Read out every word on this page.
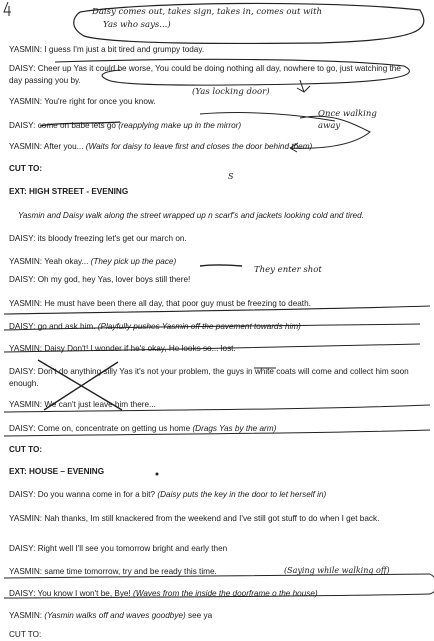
Daisy comes out, takes sign, takes in, comes out with
Yas who says...)
YASMIN: I guess I'm just a bit tired and grumpy today.
DAISY: Cheer up Yas it could be worse, You could be doing nothing all day, nowhere to go, just watching the day passing you by.
(Yas locking door)
YASMIN: You're right for once you know.
DAISY: come on babe lets go (reapplying make up in the mirror)
Once walking away
YASMIN: After you... (Waits for daisy to leave first and closes the door behind them)
CUT TO:
EXT: HIGH STREET - EVENING
S
Yasmin and Daisy walk along the street wrapped up n scarf's and jackets looking cold and tired.
DAISY: its bloody freezing let's get our march on.
YASMIN: Yeah okay... (They pick up the pace)
DAISY: Oh my god, hey Yas, lover boys still there!
They enter shot
YASMIN: He must have been there all day, that poor guy must be freezing to death.
DAISY: go and ask him. (Playfully pushes Yasmin off the pavement towards him)
YASMIN: Daisy Don't! I wonder if he's okay, He looks so... lost.
DAISY: Don't do anything silly Yas it's not your problem, the guys in white coats will come and collect him soon enough.
YASMIN: We can't just leave him there...
DAISY: Come on, concentrate on getting us home (Drags Yas by the arm)
CUT TO:
EXT: HOUSE – EVENING
DAISY: Do you wanna come in for a bit? (Daisy puts the key in the door to let herself in)
YASMIN: Nah thanks, Im still knackered from the weekend and I've still got stuff to do when I get back.
DAISY: Right well I'll see you tomorrow bright and early then
YASMIN: same time tomorrow, try and be ready this time.	(Saying while walking off)
DAISY: You know I won't be, Bye! (Waves from the inside the doorframe o the house)
YASMIN: (Yasmin walks off and waves goodbye) see ya
CUT TO:
